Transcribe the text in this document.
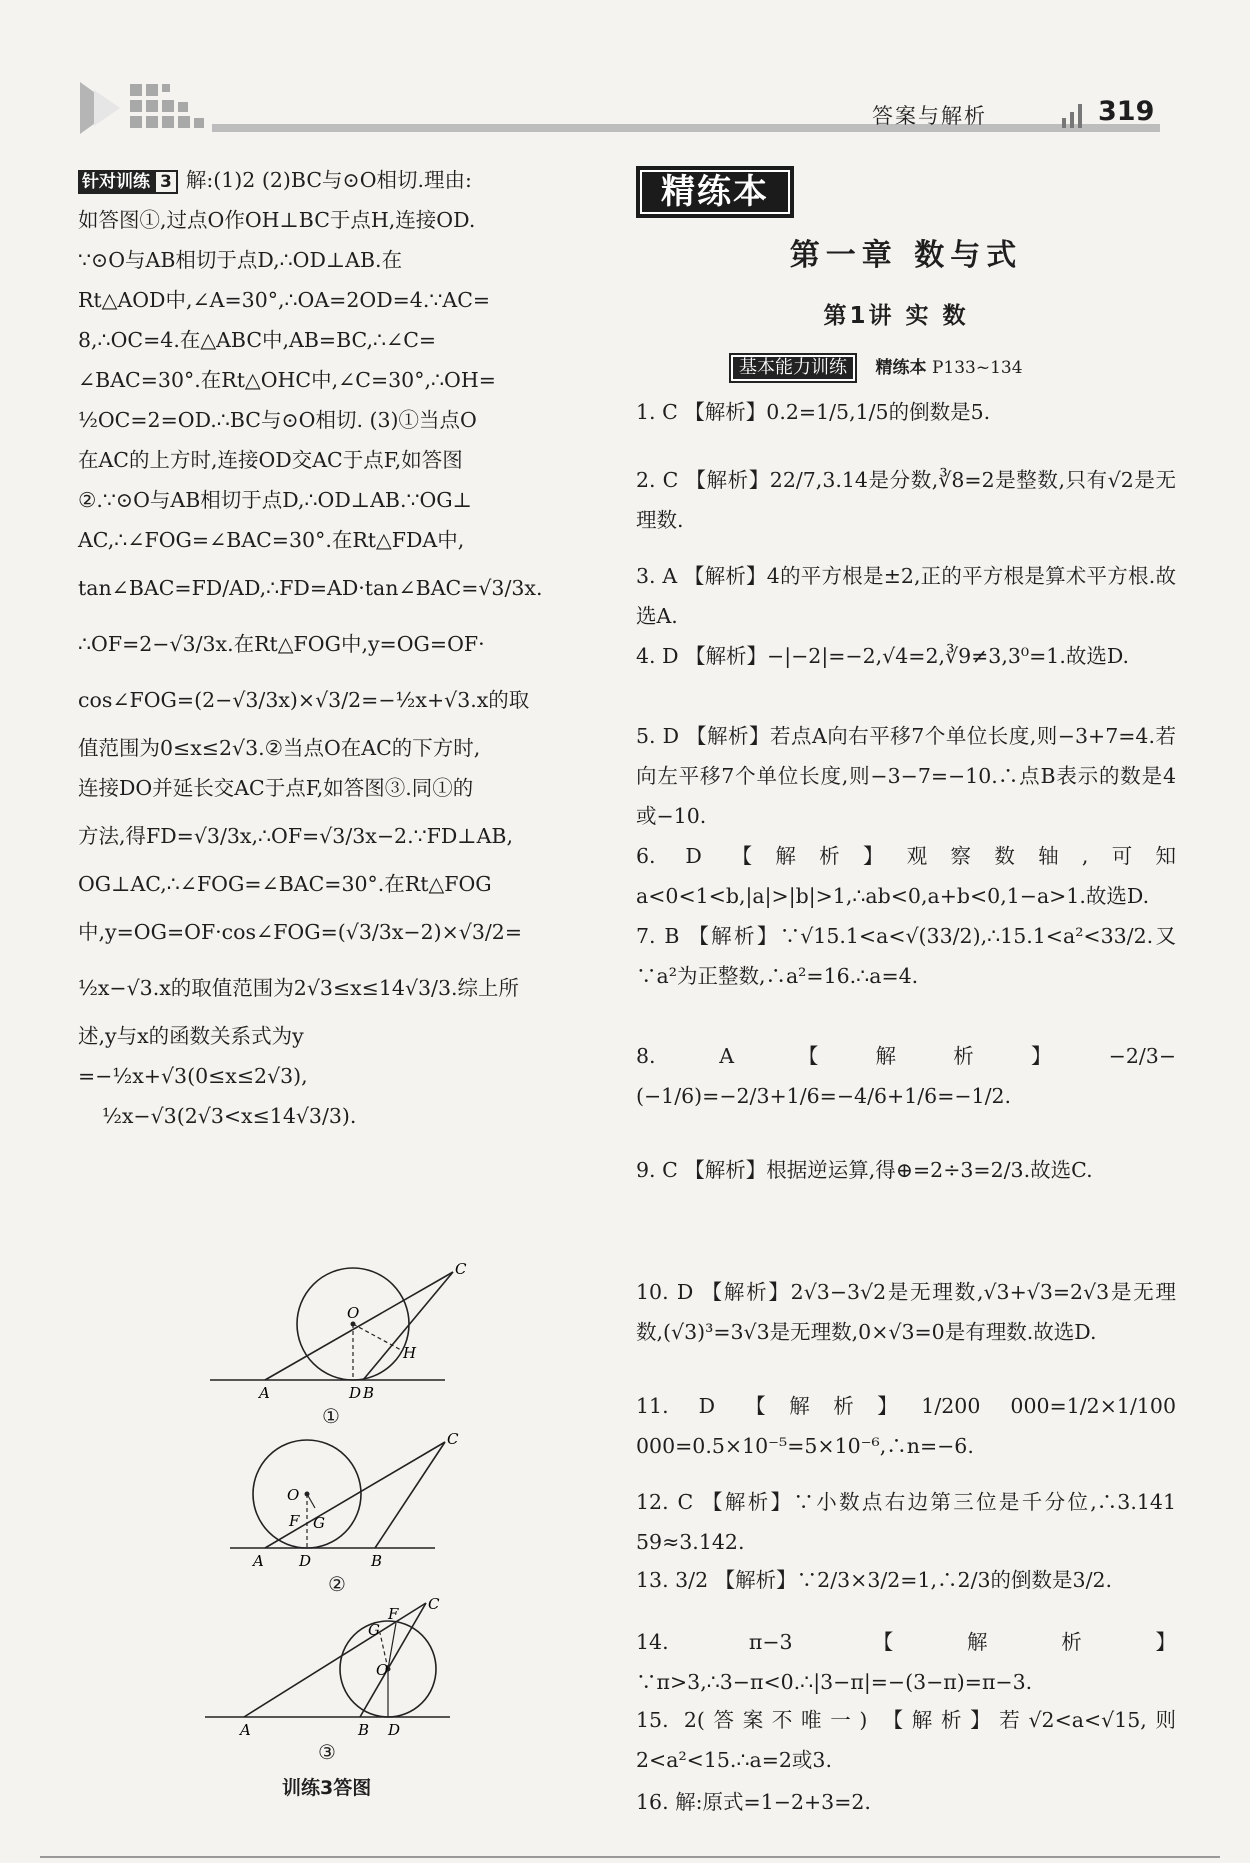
答案与解析	319

针对训练 3 解:(1)2 (2)BC与⊙O相切.理由:
如答图①,过点O作OH⊥BC于点H,连接OD.
∵⊙O与AB相切于点D,∴OD⊥AB.在
Rt△AOD中,∠A=30°,∴OA=2OD=4.∵AC=
8,∴OC=4.在△ABC中,AB=BC,∴∠C=
∠BAC=30°.在Rt△OHC中,∠C=30°,∴OH=
½OC=2=OD.∴BC与⊙O相切. (3)①当点O
在AC的上方时,连接OD交AC于点F,如答图
②.∵⊙O与AB相切于点D,∴OD⊥AB.∵OG⊥
AC,∴∠FOG=∠BAC=30°.在Rt△FDA中,
tan∠BAC=FD/AD,∴FD=AD·tan∠BAC=√3/3x.
∴OF=2−√3/3x.在Rt△FOG中,y=OG=OF·
cos∠FOG=(2−√3/3x)×√3/2=−½x+√3.x的取
值范围为0≤x≤2√3.②当点O在AC的下方时,
连接DO并延长交AC于点F,如答图③.同①的
方法,得FD=√3/3x,∴OF=√3/3x−2.∵FD⊥AB,
OG⊥AC,∴∠FOG=∠BAC=30°.在Rt△FOG
中,y=OG=OF·cos∠FOG=(√3/3x−2)×√3/2=
½x−√3.x的取值范围为2√3≤x≤14√3/3.综上所
述,y与x的函数关系式为y
=−½x+√3(0≤x≤2√3),
½x−√3(2√3<x≤14√3/3).

C
O
H
A	D B
①
C
O
F G
A D	B
②
F
C
G
O
A	B D
③
训练3答图
精练本
第一章 数与式
第1讲 实 数
基本能力训练 精练本 P133~134
1. C 【解析】0.2=1/5,1/5的倒数是5.
2. C 【解析】22/7,3.14是分数,∛8=2是整数,只有√2是无理数.
3. A 【解析】4的平方根是±2,正的平方根是算术平方根.故选A.
4. D 【解析】−|−2|=−2,√4=2,∛9≠3,3⁰=1.故选D.
5. D 【解析】若点A向右平移7个单位长度,则−3+7=4.若向左平移7个单位长度,则−3−7=−10.∴点B表示的数是4或−10.
6. D 【解析】观察数轴,可知a<0<1<b,|a|>|b|>1,∴ab<0,a+b<0,1−a>1.故选D.
7. B 【解析】∵√15.1<a<√(33/2),∴15.1<a²<33/2.又∵a²为正整数,∴a²=16.∴a=4.
8.	A 【解析】−2/3−(−1/6)=−2/3+1/6=−4/6+1/6=−1/2.
9. C 【解析】根据逆运算,得⊕=2÷3=2/3.故选C.
10. D 【解析】2√3−3√2是无理数,√3+√3=2√3是无理数,(√3)³=3√3是无理数,0×√3=0是有理数.故选D.
11. D 【解析】1/200 000=1/2×1/100 000=0.5×10⁻⁵=5×10⁻⁶,∴n=−6.
12. C 【解析】∵小数点右边第三位是千分位,∴3.141 59≈3.142.
13. 3/2 【解析】∵2/3×3/2=1,∴2/3的倒数是3/2.
14.	π−3 【解析】∵π>3,∴3−π<0.∴|3−π|=−(3−π)=π−3.
15. 2(答案不唯一) 【解析】若√2<a<√15,则2<a²<15.∴a=2或3.
16. 解:原式=1−2+3=2.
